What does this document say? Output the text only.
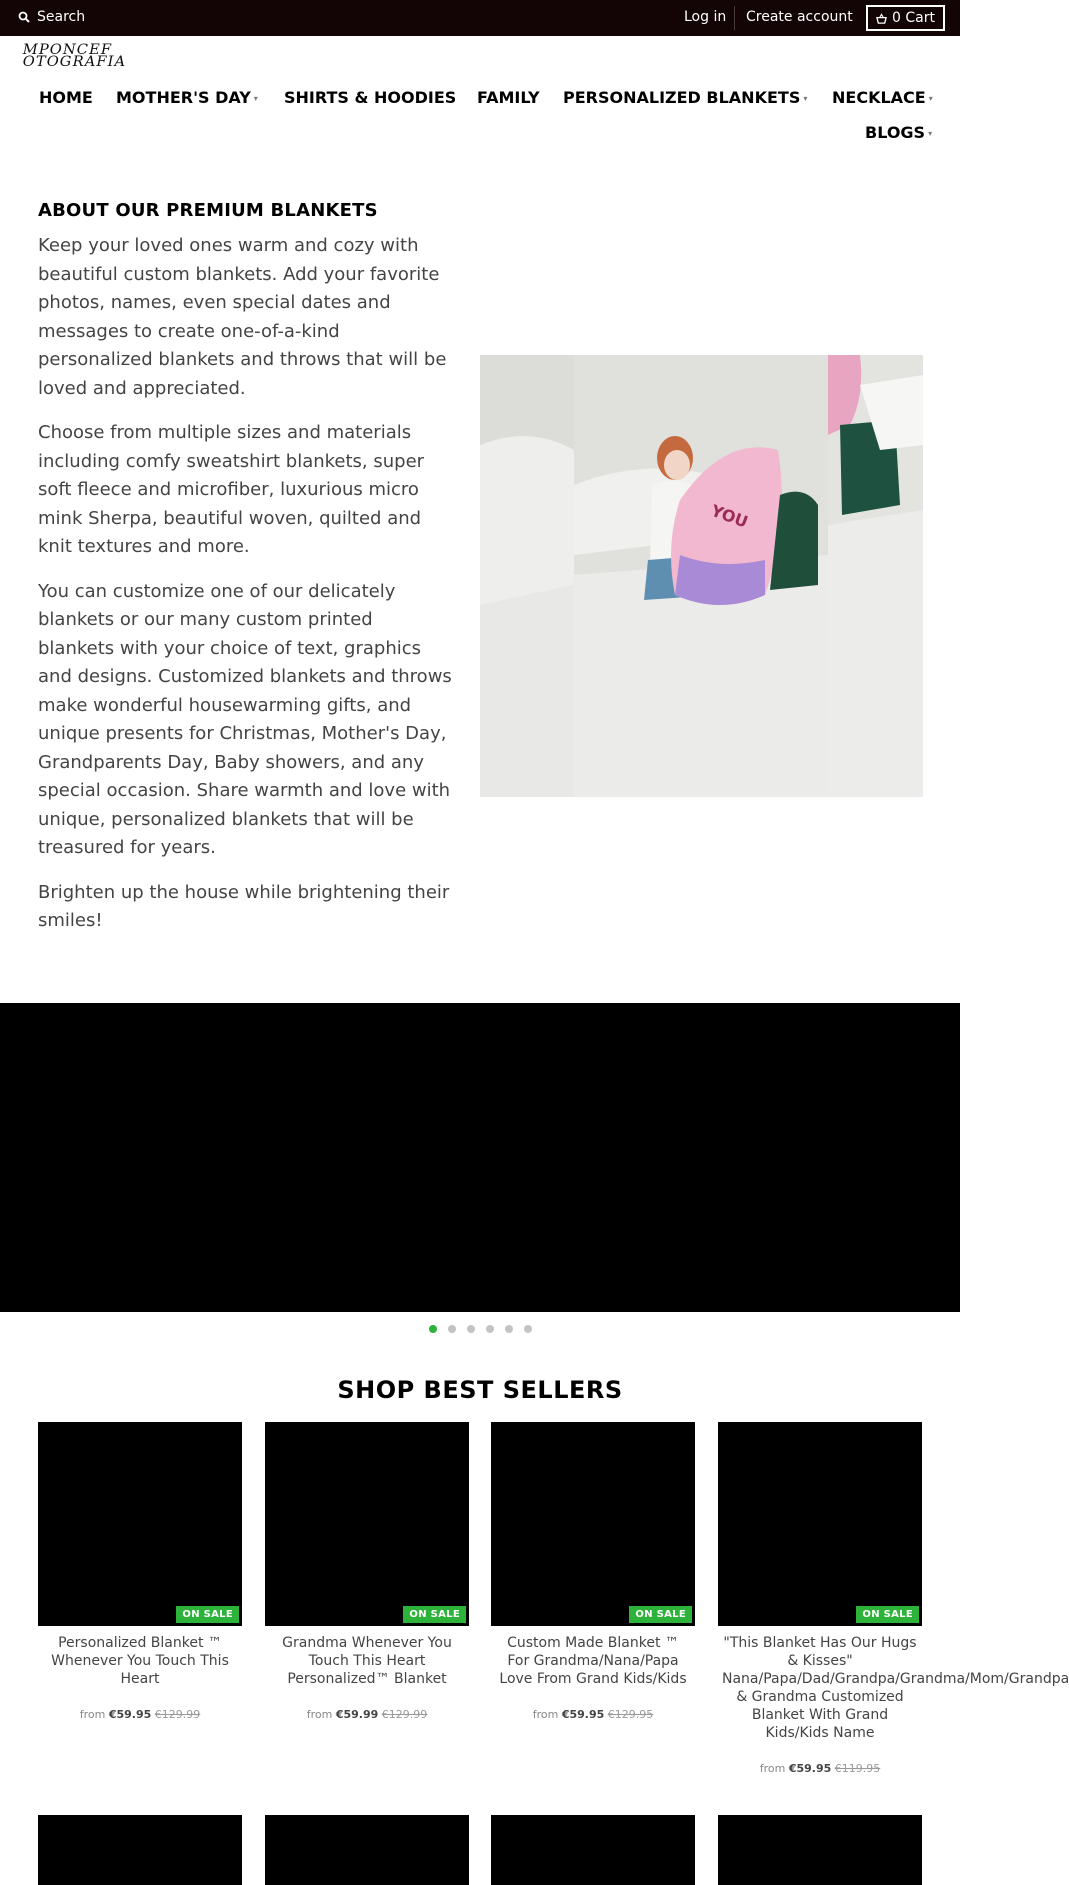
Search	Log in Create account	0 Cart
MPONCEF
OTOGRAFIA
HOME MOTHER'S DAY ▾ SHIRTS & HOODIES FAMILY PERSONALIZED BLANKETS ▾ NECKLACE ▾
BLOGS ▾
ABOUT OUR PREMIUM BLANKETS

Keep your loved ones warm and cozy with beautiful custom blankets. Add your favorite photos, names, even special dates and messages to create one-of-a-kind personalized blankets and throws that will be loved and appreciated.

Choose from multiple sizes and materials including comfy sweatshirt blankets, super soft fleece and microfiber, luxurious micro mink Sherpa, beautiful woven, quilted and knit textures and more.

You can customize one of our delicately blankets or our many custom printed blankets with your choice of text, graphics and designs. Customized blankets and throws make wonderful housewarming gifts, and unique presents for Christmas, Mother's Day, Grandparents Day, Baby showers, and any special occasion. Share warmth and love with unique, personalized blankets that will be treasured for years.

Brighten up the house while brightening their smiles!

YOU
SHOP BEST SELLERS
ON SALE
Personalized Blanket ™ Whenever You Touch This Heart
from €59.95 €129.99
ON SALE
Grandma Whenever You Touch This Heart Personalized™ Blanket
from €59.99 €129.99
ON SALE
Custom Made Blanket ™ For Grandma/Nana/Papa Love From Grand Kids/Kids
from €59.95 €129.95
ON SALE
"This Blanket Has Our Hugs & Kisses" Nana/Papa/Dad/Grandpa/Grandma/Mom/Grandpa & Grandma Customized Blanket With Grand Kids/Kids Name
from €59.95 €119.95
